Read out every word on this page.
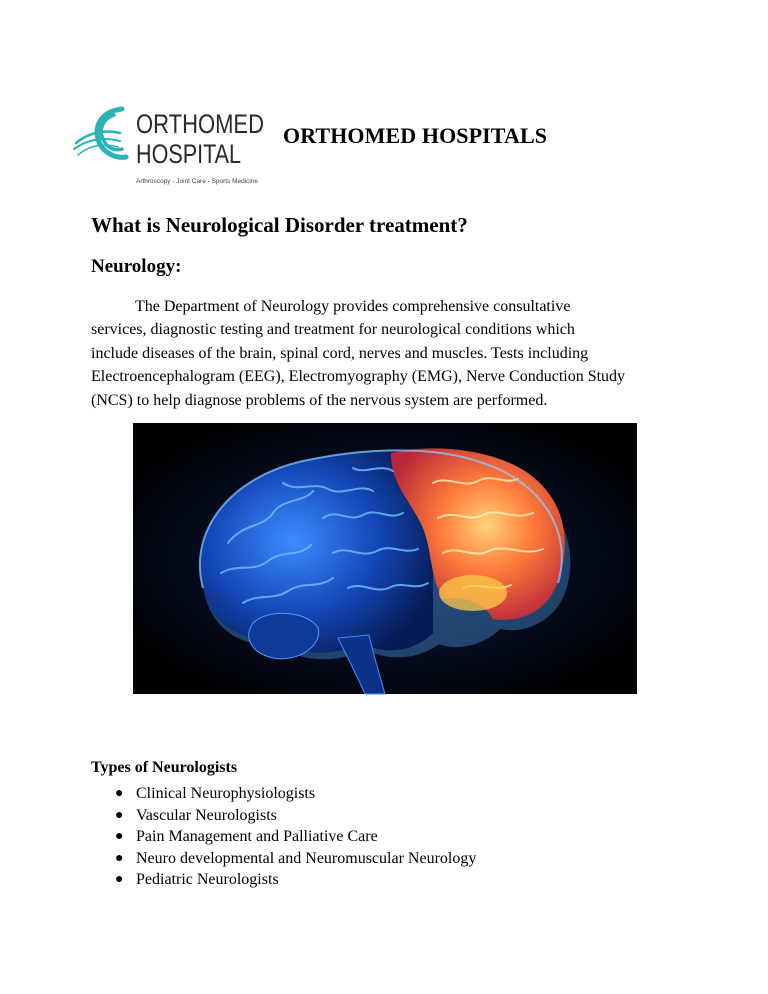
ORTHOMED
HOSPITAL
Arthroscopy - Joint Care - Sports Medicine
ORTHOMED HOSPITALS
What is Neurological Disorder treatment?
Neurology:

The Department of Neurology provides comprehensive consultative
services, diagnostic testing and treatment for neurological conditions which
include diseases of the brain, spinal cord, nerves and muscles. Tests including
Electroencephalogram (EEG), Electromyography (EMG), Nerve Conduction Study
(NCS) to help diagnose problems of the nervous system are performed.

Types of Neurologists
● Clinical Neurophysiologists
● Vascular Neurologists
● Pain Management and Palliative Care
● Neuro developmental and Neuromuscular Neurology
● Pediatric Neurologists
